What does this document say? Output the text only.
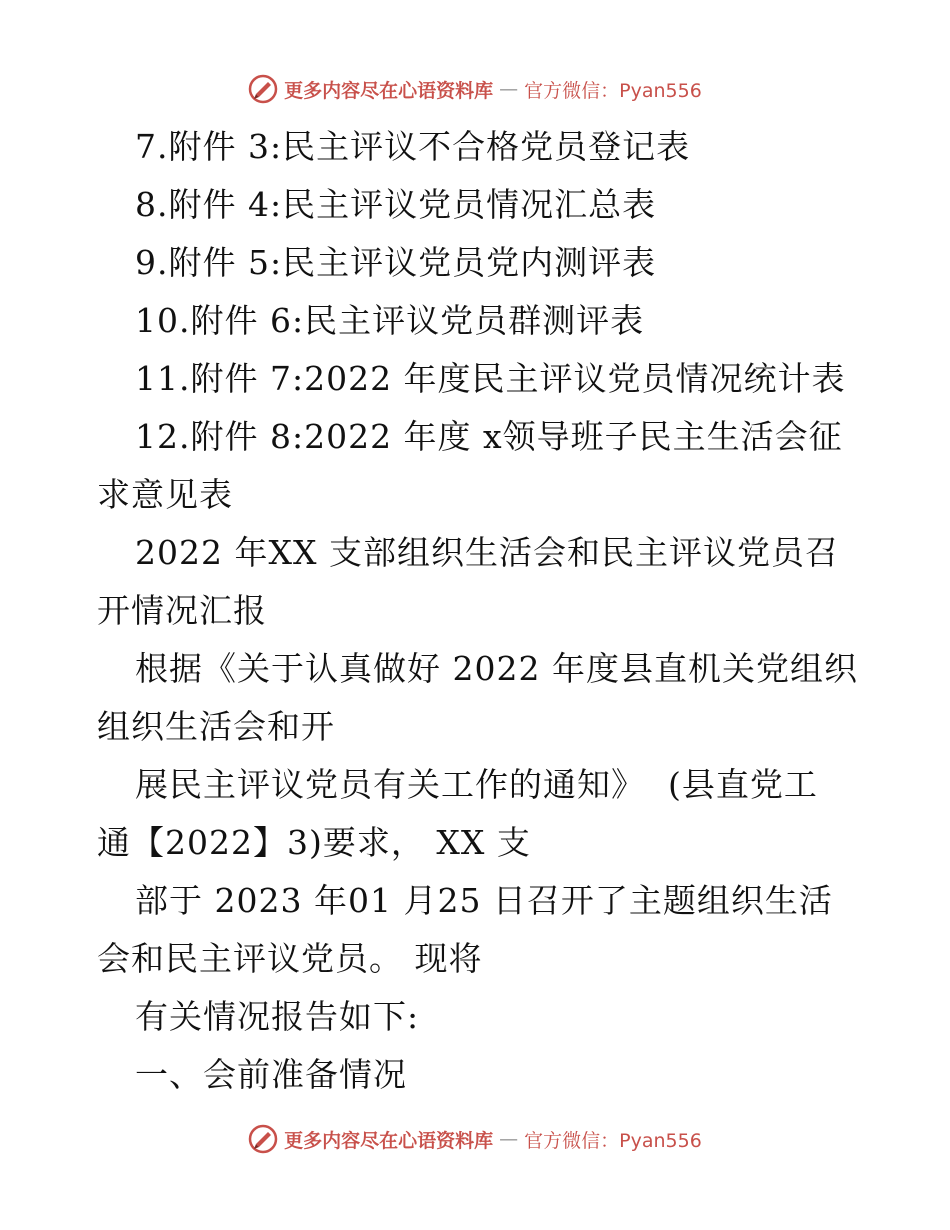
更多内容尽在心语资料库 — 官方微信：Pyan556
7.附件 3:民主评议不合格党员登记表
8.附件 4:民主评议党员情况汇总表
9.附件 5:民主评议党员党内测评表
10.附件 6:民主评议党员群测评表
11.附件 7:2022 年度民主评议党员情况统计表
12.附件 8:2022 年度 x领导班子民主生活会征
求意见表
2022 年XX 支部组织生活会和民主评议党员召
开情况汇报
根据《关于认真做好 2022 年度县直机关党组织
组织生活会和开
展民主评议党员有关工作的通知》  (县直党工
通【2022】3)要求， XX 支
部于 2023 年01 月25 日召开了主题组织生活
会和民主评议党员。 现将
有关情况报告如下:
一、会前准备情况
更多内容尽在心语资料库 — 官方微信：Pyan556
